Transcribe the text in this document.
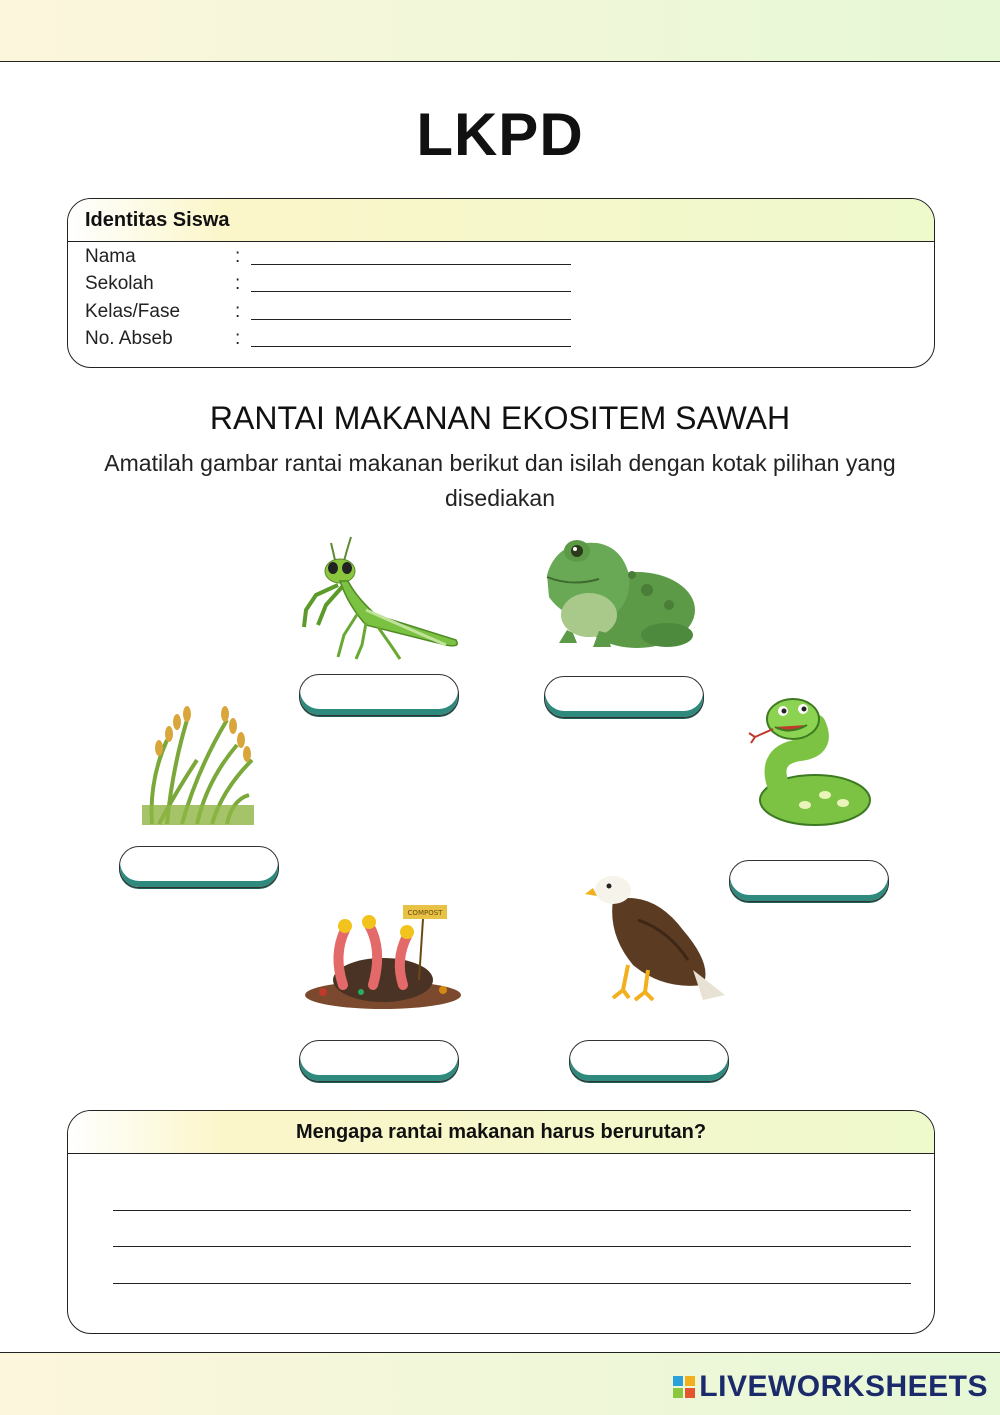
LKPD
Identitas Siswa
Nama	:
Sekolah	:
Kelas/Fase	:
No. Abseb	:
RANTAI MAKANAN EKOSITEM SAWAH
Amatilah gambar rantai makanan berikut dan isilah dengan kotak pilihan yang disediakan
COMPOST
Mengapa rantai makanan harus berurutan?
LIVEWORKSHEETS
